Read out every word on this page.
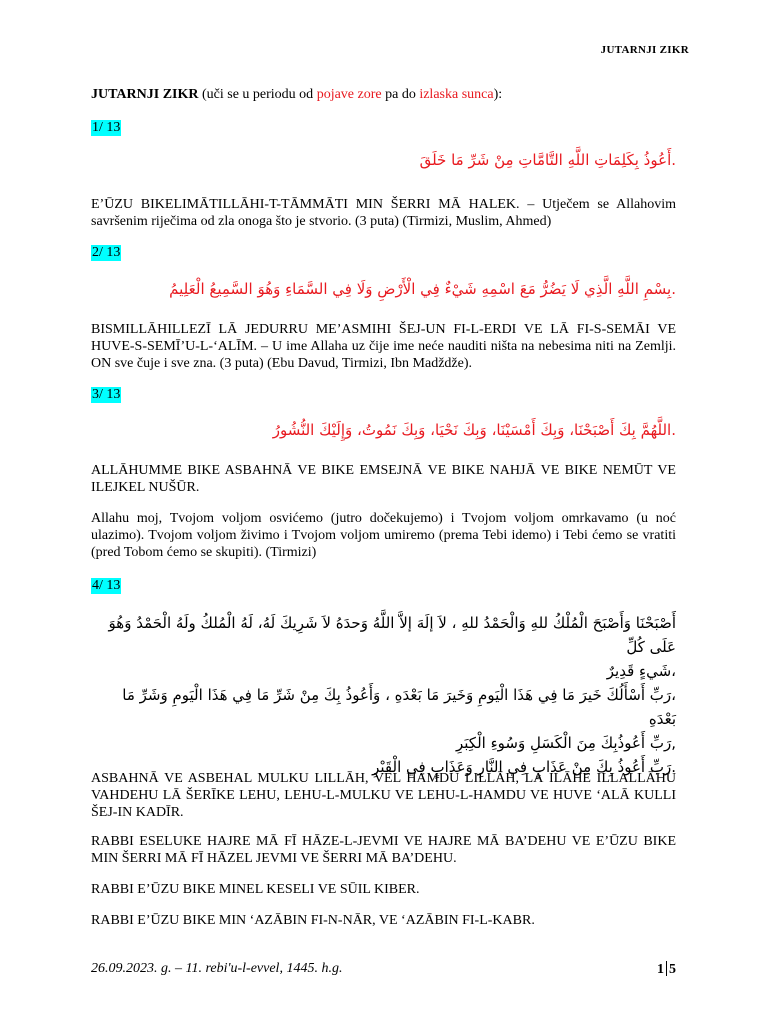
JUTARNJI ZIKR

JUTARNJI ZIKR (uči se u periodu od pojave zore pa do izlaska sunca):

1/ 13
.أَعُوذُ بِكَلِمَاتِ اللَّهِ التَّامَّاتِ مِنْ شَرِّ مَا خَلَقَ

E’ŪZU BIKELIMĀTILLĀHI-T-TĀMMĀTI MIN ŠERRI MĀ HALEK. – Utječem se Allahovim savršenim riječima od zla onoga što je stvorio. (3 puta) (Tirmizi, Muslim, Ahmed)

2/ 13
.بِسْمِ اللَّهِ الَّذِي لَا يَضُرُّ مَعَ اسْمِهِ شَيْءٌ فِي الْأَرْضِ وَلَا فِي السَّمَاءِ وَهُوَ السَّمِيعُ الْعَلِيمُ

BISMILLĀHILLEZĪ LĀ JEDURRU ME’ASMIHI ŠEJ-UN FI-L-ERDI VE LĀ FI-S-SEMĀI VE HUVE-S-SEMĪ’U-L-‘ALĪM. – U ime Allaha uz čije ime neće nauditi ništa na nebesima niti na Zemlji. ON sve čuje i sve zna. (3 puta) (Ebu Davud, Tirmizi, Ibn Madždže).

3/ 13
.اللَّهُمَّ بِكَ أَصْبَحْنَا، وَبِكَ أَمْسَيْنَا، وَبِكَ نَحْيَا، وَبِكَ نَمُوتُ، وَإِلَيْكَ النُّشُورُ

ALLĀHUMME BIKE ASBAHNĀ VE BIKE EMSEJNĀ VE BIKE NAHJĀ VE BIKE NEMŪT VE ILEJKEL NUŠŪR.

Allahu moj, Tvojom voljom osvićemo (jutro dočekujemo) i Tvojom voljom omrkavamo (u noć ulazimo). Tvojom voljom živimo i Tvojom voljom umiremo (prema Tebi idemo) i Tebi ćemo se vratiti (pred Tobom ćemo se skupiti). (Tirmizi)

4/ 13
أَصْبَحْنَا وَأَصْبَحَ الْمُلْكُ للهِ وَالْحَمْدُ للهِ ، لاَ إلَهَ إلاَّ اللَّهُ وَحدَهُ لاَ شَرِيكَ لَهُ، لَهُ الْمُلكُ ولَهُ الْحَمْدُ وَهُوَ عَلَى كُلِّ
،شَيءٍ قَدِيرٌ
،رَبِّ أَسْأَلُكَ خَيرَ مَا فِي هَذَا الْيَومِ وَخَيرَ مَا بَعْدَهِ ، وَأَعُوذُ بِكَ مِنْ شَرِّ مَا فِي هَذَا الْيَومِ وَشَرِّ مَا بَعْدَهِ
,رَبِّ أَعُوذُبِكَ مِنَ الْكَسَلِ وَسُوءِ الْكِبَرِ
.رَبِّ أَعُوذُ بِكَ مِنْ عَذَابٍ فِي النَّارِ وَعَذَابٍ فِي الْقَبْرِ

ASBAHNĀ VE ASBEHAL MULKU LILLĀH, VEL HAMDU LILLĀH, LĀ ILĀHE ILLALLĀHU VAHDEHU LĀ ŠERĪKE LEHU, LEHU-L-MULKU VE LEHU-L-HAMDU VE HUVE ‘ALĀ KULLI ŠEJ-IN KADĪR.

RABBI ESELUKE HAJRE MĀ FĪ HĀZE-L-JEVMI VE HAJRE MĀ BA’DEHU VE E’ŪZU BIKE MIN ŠERRI MĀ FĪ HĀZEL JEVMI VE ŠERRI MĀ BA’DEHU.

RABBI E’ŪZU BIKE MINEL KESELI VE SŪIL KIBER.

RABBI E’ŪZU BIKE MIN ‘AZĀBIN FI-N-NĀR, VE ‘AZĀBIN FI-L-KABR.

26.09.2023. g. – 11. rebi'u-l-evvel, 1445. h.g.	1 5
